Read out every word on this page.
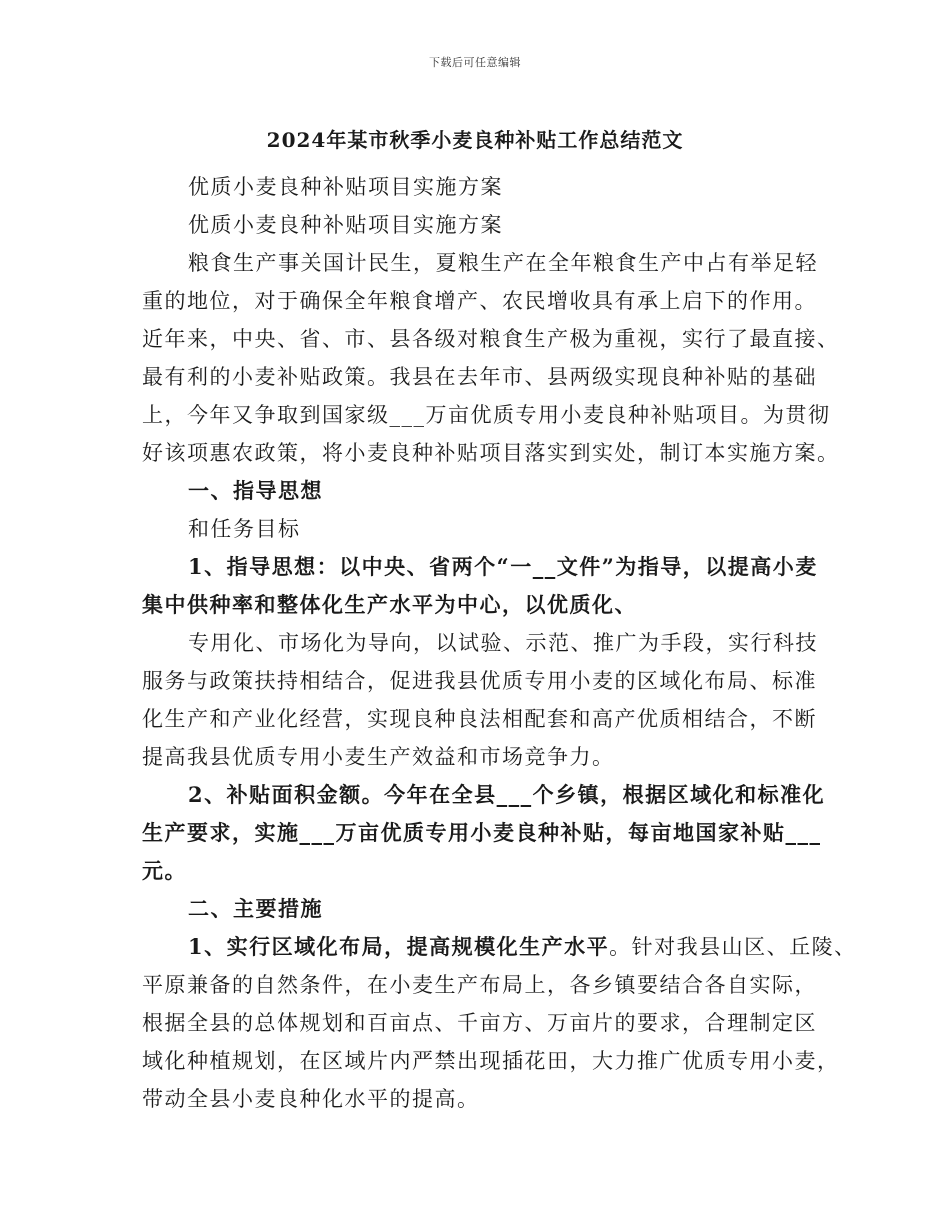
下载后可任意编辑
2024年某市秋季小麦良种补贴工作总结范文
优质小麦良种补贴项目实施方案
优质小麦良种补贴项目实施方案
粮食生产事关国计民生，夏粮生产在全年粮食生产中占有举足轻
重的地位，对于确保全年粮食增产、农民增收具有承上启下的作用。
近年来，中央、省、市、县各级对粮食生产极为重视，实行了最直接、
最有利的小麦补贴政策。我县在去年市、县两级实现良种补贴的基础
上，今年又争取到国家级___万亩优质专用小麦良种补贴项目。为贯彻
好该项惠农政策，将小麦良种补贴项目落实到实处，制订本实施方案。
一、指导思想
和任务目标
1、指导思想：以中央、省两个“一__文件”为指导，以提高小麦
集中供种率和整体化生产水平为中心，以优质化、
专用化、市场化为导向，以试验、示范、推广为手段，实行科技
服务与政策扶持相结合，促进我县优质专用小麦的区域化布局、标准
化生产和产业化经营，实现良种良法相配套和高产优质相结合，不断
提高我县优质专用小麦生产效益和市场竞争力。
2、补贴面积金额。今年在全县___个乡镇，根据区域化和标准化
生产要求，实施___万亩优质专用小麦良种补贴，每亩地国家补贴___
元。
二、主要措施
1、实行区域化布局，提高规模化生产水平。针对我县山区、丘陵、
平原兼备的自然条件，在小麦生产布局上，各乡镇要结合各自实际，
根据全县的总体规划和百亩点、千亩方、万亩片的要求，合理制定区
域化种植规划，在区域片内严禁出现插花田，大力推广优质专用小麦，
带动全县小麦良种化水平的提高。
